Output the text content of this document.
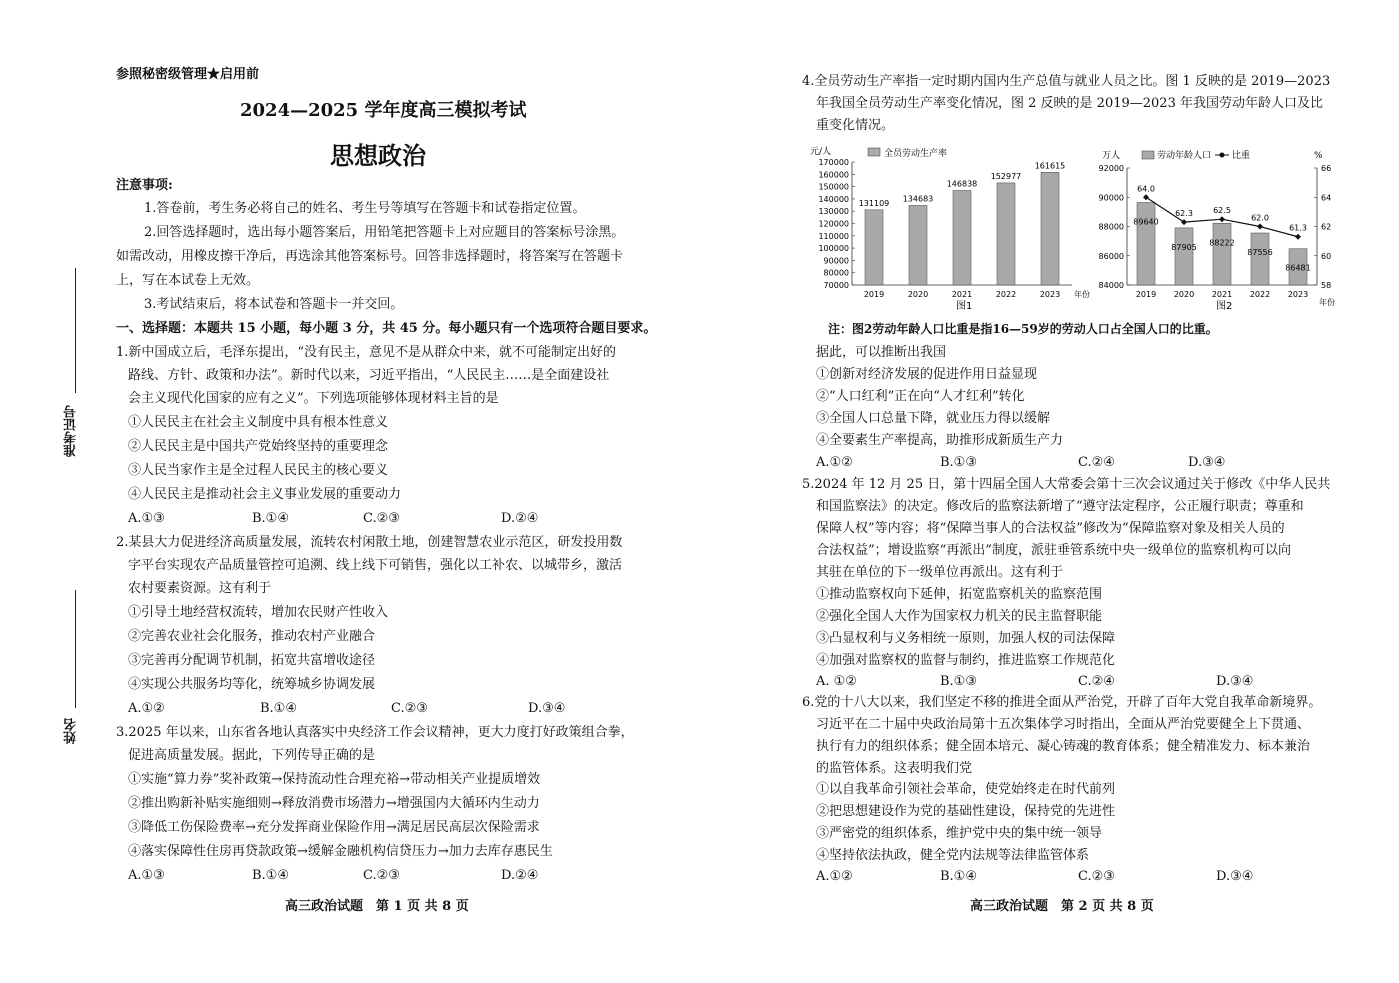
准考证号
姓名
参照秘密级管理★启用前
2024—2025 学年度高三模拟考试
思想政治
注意事项:
1.答卷前，考生务必将自己的姓名、考生号等填写在答题卡和试卷指定位置。
2.回答选择题时，选出每小题答案后，用铅笔把答题卡上对应题目的答案标号涂黑。
如需改动，用橡皮擦干净后，再选涂其他答案标号。回答非选择题时，将答案写在答题卡
上，写在本试卷上无效。
3.考试结束后，将本试卷和答题卡一并交回。
一、选择题：本题共 15 小题，每小题 3 分，共 45 分。每小题只有一个选项符合题目要求。
1.新中国成立后，毛泽东提出，“没有民主，意见不是从群众中来，就不可能制定出好的
路线、方针、政策和办法”。新时代以来，习近平指出，“人民民主……是全面建设社
会主义现代化国家的应有之义”。下列选项能够体现材料主旨的是
①人民民主在社会主义制度中具有根本性意义
②人民民主是中国共产党始终坚持的重要理念
③人民当家作主是全过程人民民主的核心要义
④人民民主是推动社会主义事业发展的重要动力
A.①③	B.①④	C.②③	D.②④
2.某县大力促进经济高质量发展，流转农村闲散土地，创建智慧农业示范区，研发投用数
字平台实现农产品质量管控可追溯、线上线下可销售，强化以工补农、以城带乡，激活
农村要素资源。这有利于
①引导土地经营权流转，增加农民财产性收入
②完善农业社会化服务，推动农村产业融合
③完善再分配调节机制，拓宽共富增收途径
④实现公共服务均等化，统筹城乡协调发展
A.①②	B.①④	C.②③	D.③④
3.2025 年以来，山东省各地认真落实中央经济工作会议精神，更大力度打好政策组合拳，
促进高质量发展。据此，下列传导正确的是
①实施“算力券”奖补政策→保持流动性合理充裕→带动相关产业提质增效
②推出购新补贴实施细则→释放消费市场潜力→增强国内大循环内生动力
③降低工伤保险费率→充分发挥商业保险作用→满足居民高层次保险需求
④落实保障性住房再贷款政策→缓解金融机构信贷压力→加力去库存惠民生
A.①③	B.①④	C.②③	D.②④
高三政治试题　第 1 页 共 8 页
4.全员劳动生产率指一定时期内国内生产总值与就业人员之比。图 1 反映的是 2019—2023
年我国全员劳动生产率变化情况，图 2 反映的是 2019—2023 年我国劳动年龄人口及比
重变化情况。
元/人	全员劳动生产率
70000
80000
90000
100000
110000
120000
130000
140000
150000
160000
170000
131109
2019
134683
2020
146838
2021
152977
2022
161615
2023 年份
图1
万人	%
劳动年龄人口 比重
84000
86000
88000
90000
92000
58
60
62
64
66
89640
2019
87905
2020
88222
2021
87556
2022
86481
2023
64.0
62.3	62.5
62.0
61.3
年份
图2
注：图2劳动年龄人口比重是指16—59岁的劳动人口占全国人口的比重。
据此，可以推断出我国
①创新对经济发展的促进作用日益显现
②“人口红利”正在向“人才红利”转化
③全国人口总量下降，就业压力得以缓解
④全要素生产率提高，助推形成新质生产力
A.①②	B.①③	C.②④	D.③④
5.2024 年 12 月 25 日，第十四届全国人大常委会第十三次会议通过关于修改《中华人民共
和国监察法》的决定。修改后的监察法新增了“遵守法定程序，公正履行职责；尊重和
保障人权”等内容；将“保障当事人的合法权益”修改为“保障监察对象及相关人员的
合法权益”；增设监察“再派出”制度，派驻垂管系统中央一级单位的监察机构可以向
其驻在单位的下一级单位再派出。这有利于
①推动监察权向下延伸，拓宽监察机关的监察范围
②强化全国人大作为国家权力机关的民主监督职能
③凸显权利与义务相统一原则，加强人权的司法保障
④加强对监察权的监督与制约，推进监察工作规范化
A. ①②	B.①③	C.②④	D.③④
6.党的十八大以来，我们坚定不移的推进全面从严治党，开辟了百年大党自我革命新境界。
习近平在二十届中央政治局第十五次集体学习时指出，全面从严治党要健全上下贯通、
执行有力的组织体系；健全固本培元、凝心铸魂的教育体系；健全精准发力、标本兼治
的监管体系。这表明我们党
①以自我革命引领社会革命，使党始终走在时代前列
②把思想建设作为党的基础性建设，保持党的先进性
③严密党的组织体系，维护党中央的集中统一领导
④坚持依法执政，健全党内法规等法律监管体系
A.①②	B.①④	C.②③	D.③④
高三政治试题　第 2 页 共 8 页
